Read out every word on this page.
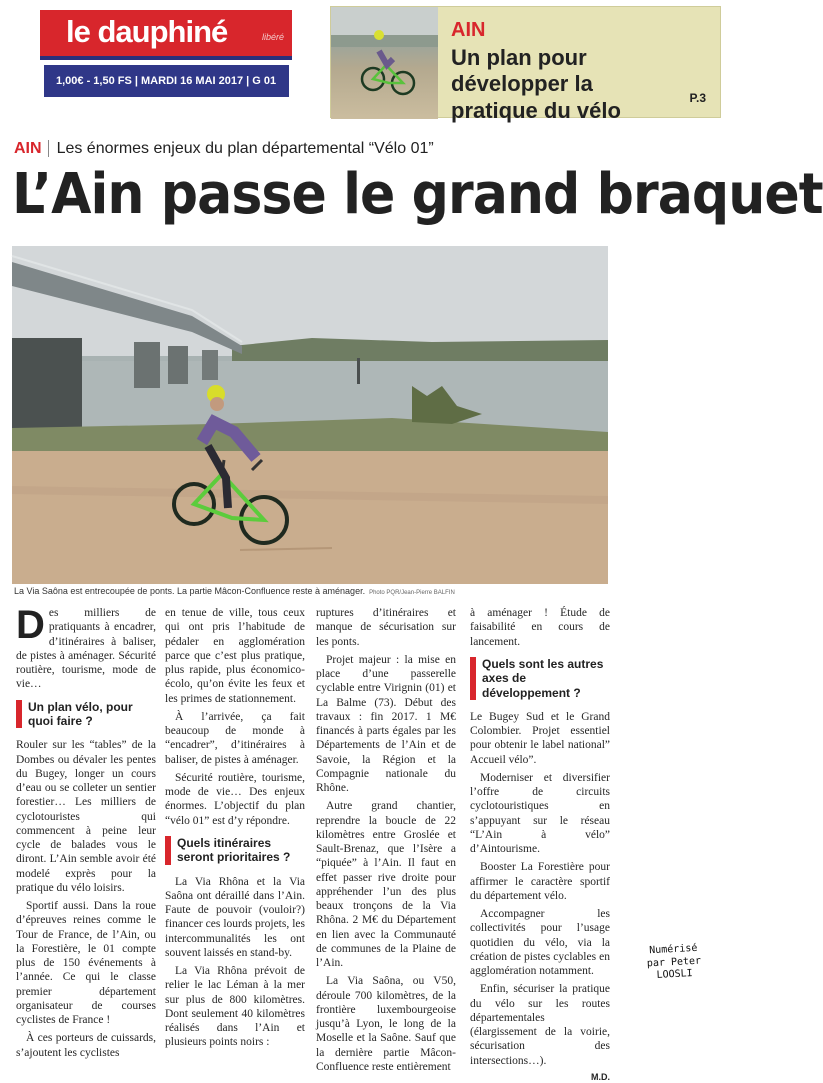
le dauphiné	libéré
1,00€ - 1,50 FS | MARDI 16 MAI 2017 | G 01
AIN
Un plan pour développer la pratique du vélo	P.3
AIN Les énormes enjeux du plan départemental “Vélo 01”
L’Ain passe le grand braquet
La Via Saôna est entrecoupée de ponts. La partie Mâcon-Confluence reste à aménager. Photo PQR/Jean-Pierre BALFIN

Des milliers de pratiquants à encadrer, d’itinéraires à baliser, de pistes à aménager. Sécurité routière, tourisme, mode de vie…

Un plan vélo, pour quoi faire ?

Rouler sur les “tables” de la Dombes ou dévaler les pentes du Bugey, longer un cours d’eau ou se colleter un sentier forestier… Les milliers de cyclotouristes qui commencent à peine leur cycle de balades vous le diront. L’Ain semble avoir été modelé exprès pour la pratique du vélo loisirs.

Sportif aussi. Dans la roue d’épreuves reines comme le Tour de France, de l’Ain, ou la Forestière, le 01 compte plus de 150 événements à l’année. Ce qui le classe premier département organisateur de courses cyclistes de France !

À ces porteurs de cuissards, s’ajoutent les cyclistes

en tenue de ville, tous ceux qui ont pris l’habitude de pédaler en agglomération parce que c’est plus pratique, plus rapide, plus économico-écolo, qu’on évite les feux et les primes de stationnement.

À l’arrivée, ça fait beaucoup de monde à “encadrer”, d’itinéraires à baliser, de pistes à aménager.

Sécurité routière, tourisme, mode de vie… Des enjeux énormes. L’objectif du plan “vélo 01” est d’y répondre.

Quels itinéraires seront prioritaires ?

La Via Rhôna et la Via Saôna ont déraillé dans l’Ain. Faute de pouvoir (vouloir?) financer ces lourds projets, les intercommunalités les ont souvent laissés en stand-by.

La Via Rhôna prévoit de relier le lac Léman à la mer sur plus de 800 kilomètres. Dont seulement 40 kilomètres réalisés dans l’Ain et plusieurs points noirs :

ruptures d’itinéraires et manque de sécurisation sur les ponts.

Projet majeur : la mise en place d’une passerelle cyclable entre Virignin (01) et La Balme (73). Début des travaux : fin 2017. 1 M€ financés à parts égales par les Départements de l’Ain et de Savoie, la Région et la Compagnie nationale du Rhône.

Autre grand chantier, reprendre la boucle de 22 kilomètres entre Groslée et Sault-Brenaz, que l’Isère a “piquée” à l’Ain. Il faut en effet passer rive droite pour appréhender l’un des plus beaux tronçons de la Via Rhôna. 2 M€ du Département en lien avec la Communauté de communes de la Plaine de l’Ain.

La Via Saôna, ou V50, déroule 700 kilomètres, de la frontière luxembourgeoise jusqu’à Lyon, le long de la Moselle et la Saône. Sauf que la dernière partie Mâcon-Confluence reste entièrement

à aménager ! Étude de faisabilité en cours de lancement.

Quels sont les autres axes de développement ?

Le Bugey Sud et le Grand Colombier. Projet essentiel pour obtenir le label national” Accueil vélo”.

Moderniser et diversifier l’offre de circuits cyclotouristiques en s’appuyant sur le réseau “L’Ain à vélo” d’Aintourisme.

Booster La Forestière pour affirmer le caractère sportif du département vélo.

Accompagner les collectivités pour l’usage quotidien du vélo, via la création de pistes cyclables en agglomération notamment.

Enfin, sécuriser la pratique du vélo sur les routes départementales (élargissement de la voirie, sécurisation des intersections…).

M.D.
Numérisé
par Peter
LOOSLI
